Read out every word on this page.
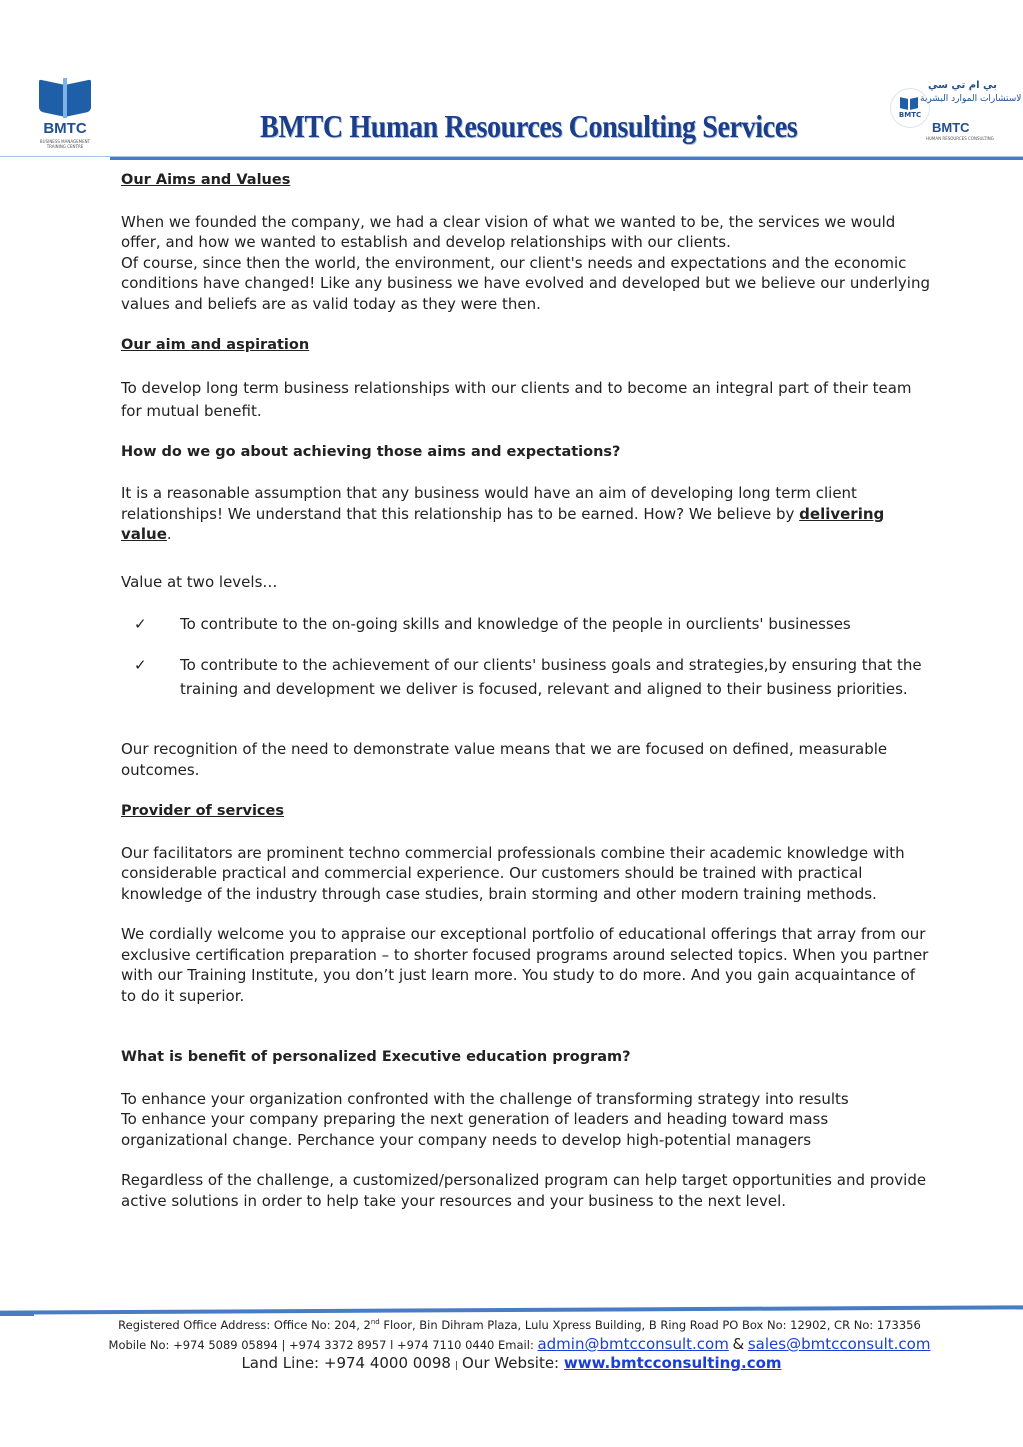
BMTC
BUSINESS MANAGEMENT TRAINING CENTRE
BMTC Human Resources Consulting Services	BMTC
بي ام تي سي
لاستشارات الموارد البشرية
BMTC
HUMAN RESOURCES CONSULTING

Our Aims and Values

When we founded the company, we had a clear vision of what we wanted to be, the services we would offer, and how we wanted to establish and develop relationships with our clients.
Of course, since then the world, the environment, our client's needs and expectations and the economic conditions have changed! Like any business we have evolved and developed but we believe our underlying values and beliefs are as valid today as they were then.

Our aim and aspiration

To develop long term business relationships with our clients and to become an integral part of their team for mutual benefit.

How do we go about achieving those aims and expectations?

It is a reasonable assumption that any business would have an aim of developing long term client relationships! We understand that this relationship has to be earned. How? We believe by delivering value.

Value at two levels…

✓ To contribute to the on-going skills and knowledge of the people in ourclients' businesses
✓ To contribute to the achievement of our clients' business goals and strategies,by ensuring that the training and development we deliver is focused, relevant and aligned to their business priorities.

Our recognition of the need to demonstrate value means that we are focused on defined, measurable outcomes.

Provider of services

Our facilitators are prominent techno commercial professionals combine their academic knowledge with considerable practical and commercial experience. Our customers should be trained with practical knowledge of the industry through case studies, brain storming and other modern training methods.

We cordially welcome you to appraise our exceptional portfolio of educational offerings that array from our exclusive certification preparation – to shorter focused programs around selected topics. When you partner with our Training Institute, you don’t just learn more. You study to do more. And you gain acquaintance of to do it superior.

What is benefit of personalized Executive education program?

To enhance your organization confronted with the challenge of transforming strategy into results
To enhance your company preparing the next generation of leaders and heading toward mass organizational change. Perchance your company needs to develop high-potential managers

Regardless of the challenge, a customized/personalized program can help target opportunities and provide active solutions in order to help take your resources and your business to the next level.

Registered Office Address: Office No: 204, 2nd Floor, Bin Dihram Plaza, Lulu Xpress Building, B Ring Road PO Box No: 12902, CR No: 173356
Mobile No: +974 5089 05894 | +974 3372 8957 l +974 7110 0440 Email: admin@bmtcconsult.com & sales@bmtcconsult.com
Land Line: +974 4000 0098 | Our Website: www.bmtcconsulting.com
